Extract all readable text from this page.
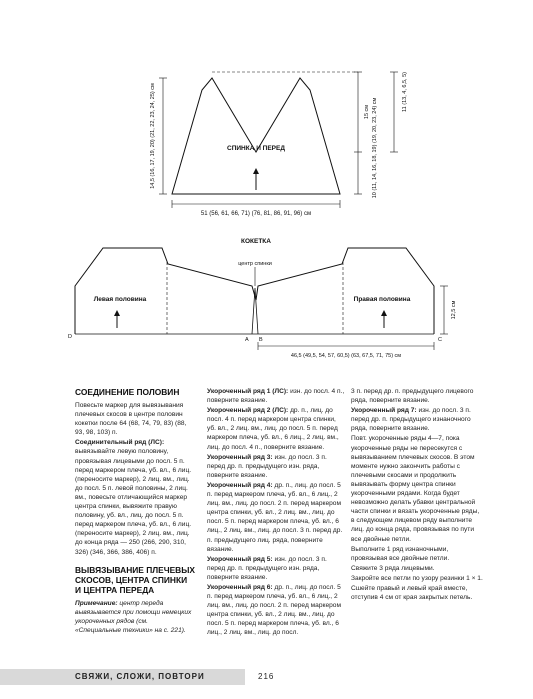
СПИНКА И ПЕРЕД
51 (56, 61, 66, 71) (76, 81, 86, 91, 96) см
14,5 (16, 17, 19, 20) (21, 22, 23, 24, 25) см	15 см 10 (11, 14, 16, 18, 19) (19, 20, 23, 24) см
11 (13, 4, 6,5, 5)
КОКЕТКА
центр спинки
Левая половина	Правая половина
12,5 см
46,5 (49,5, 54, 57, 60,5) (63, 67,5, 71, 75) см
D	A B	C
СОЕДИНЕНИЕ ПОЛОВИН

Повесьте маркер для вывязывания плечевых скосов в центре половин кокетки после 64 (68, 74, 79, 83) (88, 93, 98, 103) п.

Соединительный ряд (ЛС): вывязывайте левую половину, провязывая лицевыми до посл. 5 п. перед маркером плеча, уб. вл., 6 лиц. (переносите маркер), 2 лиц. вм., лиц. до посл. 5 п. левой половины, 2 лиц. вм., повесьте отличающийся маркер центра спинки, вывяжите правую половину, уб. вл., лиц. до посл. 5 п. перед маркером плеча, уб. вл., 6 лиц. (переносите маркер), 2 лиц. вм., лиц. до конца ряда — 250 (266, 290, 310, 326) (346, 366, 386, 406) п.

ВЫВЯЗЫВАНИЕ ПЛЕЧЕВЫХ СКОСОВ, ЦЕНТРА СПИНКИ И ЦЕНТРА ПЕРЕДА

Примечание: центр переда вывязывается при помощи немецких укороченных рядов (см. «Специальные техники» на с. 221).

Укороченный ряд 1 (ЛС): изн. до посл. 4 п., поверните вязание.

Укороченный ряд 2 (ЛС): др. п., лиц. до посл. 4 п. перед маркером центра спинки, уб. вл., 2 лиц. вм., лиц. до посл. 5 п. перед маркером плеча, уб. вл., 6 лиц., 2 лиц. вм., лиц. до посл. 4 п., поверните вязание.

Укороченный ряд 3: изн. до посл. 3 п. перед др. п. предыдущего изн. ряда, поверните вязание.

Укороченный ряд 4: др. п., лиц. до посл. 5 п. перед маркером плеча, уб. вл., 6 лиц., 2 лиц. вм., лиц. до посл. 2 п. перед маркером центра спинки, уб. вл., 2 лиц. вм., лиц. до посл. 5 п. перед маркером плеча, уб. вл., 6 лиц., 2 лиц. вм., лиц. до посл. 3 п. перед др. п. предыдущего лиц. ряда, поверните вязание.

Укороченный ряд 5: изн. до посл. 3 п. перед др. п. предыдущего изн. ряда, поверните вязание.

Укороченный ряд 6: др. п., лиц. до посл. 5 п. перед маркером плеча, уб. вл., 6 лиц., 2 лиц. вм., лиц. до посл. 2 п. перед маркером центра спинки, уб. вл., 2 лиц. вм., лиц. до посл. 5 п. перед маркером плеча, уб. вл., 6 лиц., 2 лиц. вм., лиц. до посл.

3 п. перед др. п. предыдущего лицевого ряда, поверните вязание.

Укороченный ряд 7: изн. до посл. 3 п. перед др. п. предыдущего изнаночного ряда, поверните вязание.

Повт. укороченные ряды 4—7, пока укороченные ряды не пересекутся с вывязыванием плечевых скосов. В этом моменте нужно закончить работы с плечевыми скосами и продолжить вывязывать форму центра спинки укороченными рядами. Когда будет невозможно делать убавки центральной части спинки и вязать укороченные ряды, в следующем лицевом ряду выполните лиц. до конца ряда, провязывая по пути все двойные петли.

Выполните 1 ряд изнаночными, провязывая все двойные петли.

Свяжите 3 ряда лицевыми.

Закройте все петли по узору резинки 1 × 1.

Сшейте правый и левый край вместе, отступив 4 см от края закрытых петель.

СВЯЖИ, СЛОЖИ, ПОВТОРИ	216
